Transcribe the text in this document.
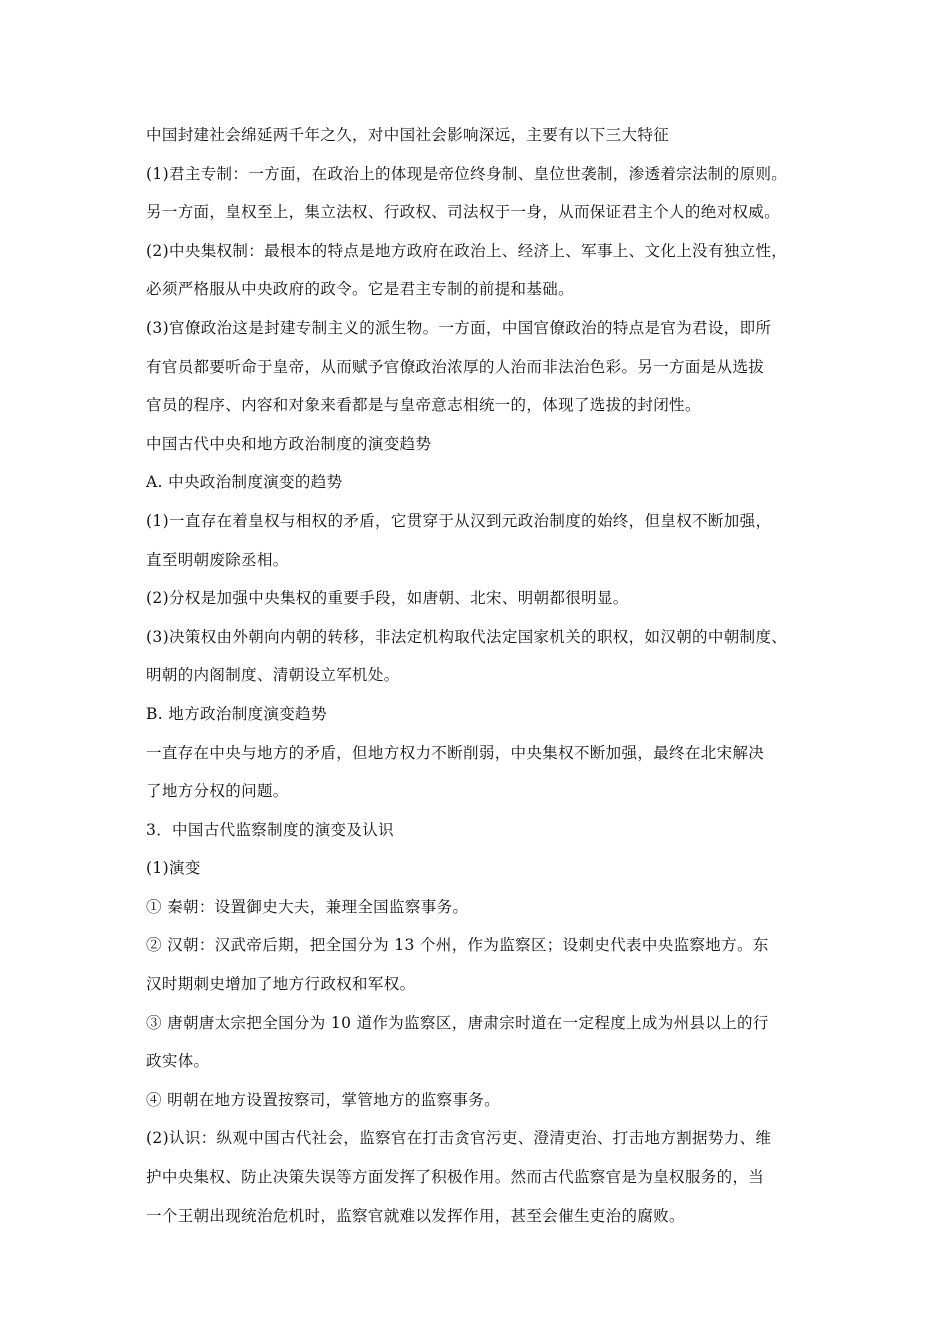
中国封建社会绵延两千年之久，对中国社会影响深远，主要有以下三大特征
(1)君主专制：一方面，在政治上的体现是帝位终身制、皇位世袭制，渗透着宗法制的原则。
另一方面，皇权至上，集立法权、行政权、司法权于一身，从而保证君主个人的绝对权威。
(2)中央集权制：最根本的特点是地方政府在政治上、经济上、军事上、文化上没有独立性，
必须严格服从中央政府的政令。它是君主专制的前提和基础。
(3)官僚政治这是封建专制主义的派生物。一方面，中国官僚政治的特点是官为君设，即所
有官员都要听命于皇帝，从而赋予官僚政治浓厚的人治而非法治色彩。另一方面是从选拔
官员的程序、内容和对象来看都是与皇帝意志相统一的，体现了选拔的封闭性。
中国古代中央和地方政治制度的演变趋势
A. 中央政治制度演变的趋势
(1)一直存在着皇权与相权的矛盾，它贯穿于从汉到元政治制度的始终，但皇权不断加强，
直至明朝废除丞相。
(2)分权是加强中央集权的重要手段，如唐朝、北宋、明朝都很明显。
(3)决策权由外朝向内朝的转移，非法定机构取代法定国家机关的职权，如汉朝的中朝制度、
明朝的内阁制度、清朝设立军机处。
B. 地方政治制度演变趋势
一直存在中央与地方的矛盾，但地方权力不断削弱，中央集权不断加强，最终在北宋解决
了地方分权的问题。
3．中国古代监察制度的演变及认识
(1)演变
① 秦朝：设置御史大夫，兼理全国监察事务。
② 汉朝：汉武帝后期，把全国分为 13 个州，作为监察区；设刺史代表中央监察地方。东
汉时期刺史增加了地方行政权和军权。
③ 唐朝唐太宗把全国分为 10 道作为监察区，唐肃宗时道在一定程度上成为州县以上的行
政实体。
④ 明朝在地方设置按察司，掌管地方的监察事务。
(2)认识：纵观中国古代社会，监察官在打击贪官污吏、澄清吏治、打击地方割据势力、维
护中央集权、防止决策失误等方面发挥了积极作用。然而古代监察官是为皇权服务的，当
一个王朝出现统治危机时，监察官就难以发挥作用，甚至会催生吏治的腐败。
